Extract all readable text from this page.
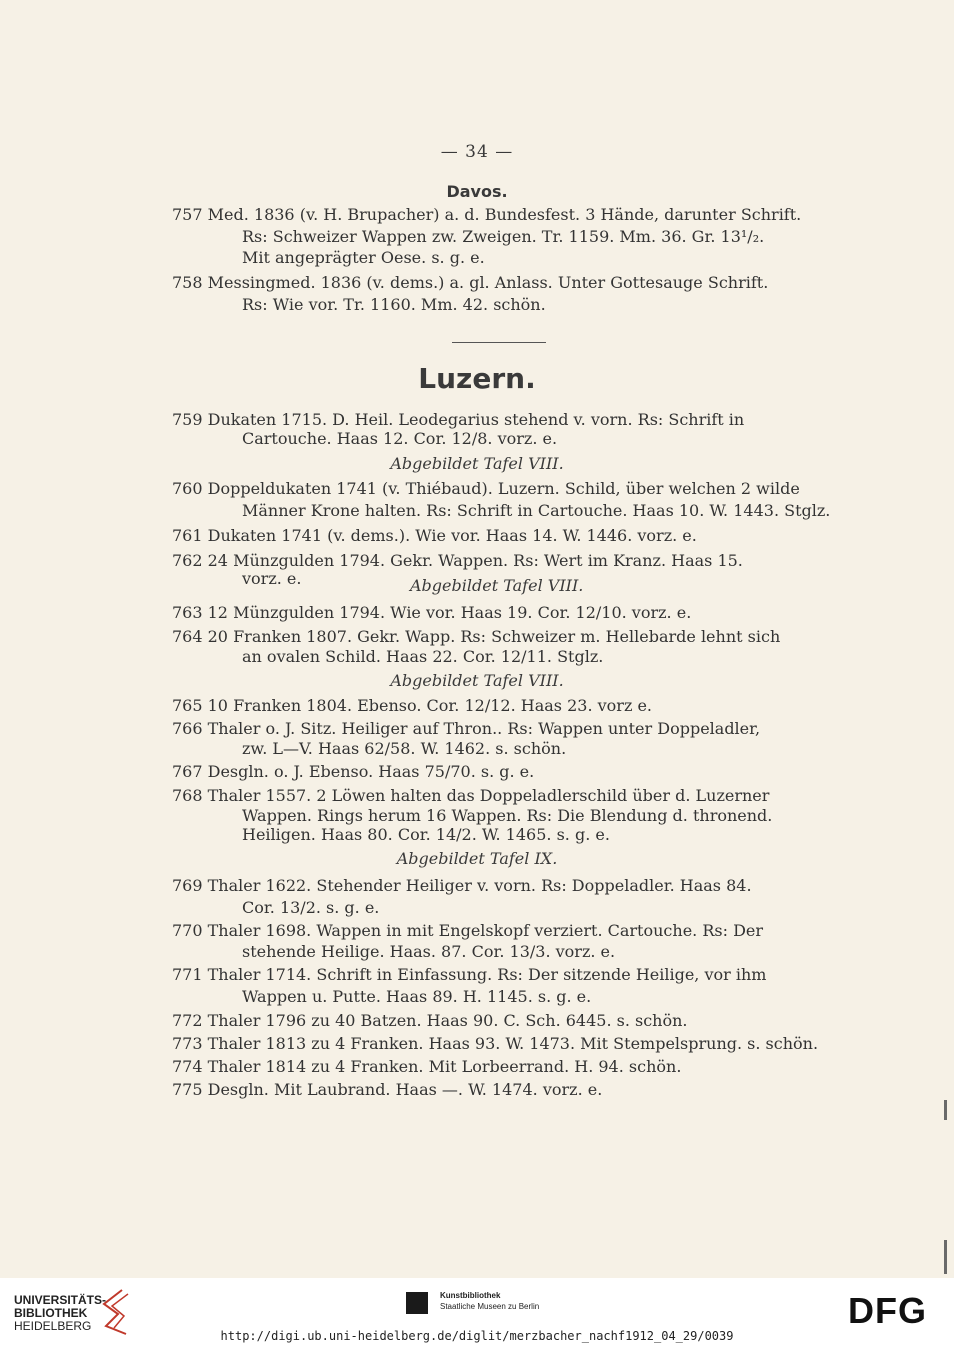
— 34 —
Davos.
757 Med. 1836 (v. H. Brupacher) a. d. Bundesfest. 3 Hände, darunter Schrift.
Rs: Schweizer Wappen zw. Zweigen. Tr. 1159. Mm. 36. Gr. 13¹/₂.
Mit angeprägter Oese. s. g. e.
758 Messingmed. 1836 (v. dems.) a. gl. Anlass. Unter Gottesauge Schrift.
Rs: Wie vor. Tr. 1160. Mm. 42. schön.
Luzern.
759 Dukaten 1715. D. Heil. Leodegarius stehend v. vorn. Rs: Schrift in
Cartouche. Haas 12. Cor. 12/8. vorz. e.
Abgebildet Tafel VIII.
760 Doppeldukaten 1741 (v. Thiébaud). Luzern. Schild, über welchen 2 wilde
Männer Krone halten. Rs: Schrift in Cartouche. Haas 10. W. 1443. Stglz.
761 Dukaten 1741 (v. dems.). Wie vor. Haas 14. W. 1446. vorz. e.
762 24 Münzgulden 1794. Gekr. Wappen. Rs: Wert im Kranz. Haas 15.
vorz. e.	Abgebildet Tafel VIII.
763 12 Münzgulden 1794. Wie vor. Haas 19. Cor. 12/10. vorz. e.
764 20 Franken 1807. Gekr. Wapp. Rs: Schweizer m. Hellebarde lehnt sich
an ovalen Schild. Haas 22. Cor. 12/11. Stglz.
Abgebildet Tafel VIII.
765 10 Franken 1804. Ebenso. Cor. 12/12. Haas 23. vorz e.
766 Thaler o. J. Sitz. Heiliger auf Thron.. Rs: Wappen unter Doppeladler,
zw. L—V. Haas 62/58. W. 1462. s. schön.
767 Desgln. o. J. Ebenso. Haas 75/70. s. g. e.
768 Thaler 1557. 2 Löwen halten das Doppeladlerschild über d. Luzerner
Wappen. Rings herum 16 Wappen. Rs: Die Blendung d. thronend.
Heiligen. Haas 80. Cor. 14/2. W. 1465. s. g. e.
Abgebildet Tafel IX.
769 Thaler 1622. Stehender Heiliger v. vorn. Rs: Doppeladler. Haas 84.
Cor. 13/2. s. g. e.
770 Thaler 1698. Wappen in mit Engelskopf verziert. Cartouche. Rs: Der
stehende Heilige. Haas. 87. Cor. 13/3. vorz. e.
771 Thaler 1714. Schrift in Einfassung. Rs: Der sitzende Heilige, vor ihm
Wappen u. Putte. Haas 89. H. 1145. s. g. e.
772 Thaler 1796 zu 40 Batzen. Haas 90. C. Sch. 6445. s. schön.
773 Thaler 1813 zu 4 Franken. Haas 93. W. 1473. Mit Stempelsprung. s. schön.
774 Thaler 1814 zu 4 Franken. Mit Lorbeerrand. H. 94. schön.
775 Desgln. Mit Laubrand. Haas —. W. 1474. vorz. e.
UNIVERSITÄTS-
BIBLIOTHEK
HEIDELBERG
Kunstbibliothek
Staatliche Museen zu Berlin	DFG
http://digi.ub.uni-heidelberg.de/diglit/merzbacher_nachf1912_04_29/0039
